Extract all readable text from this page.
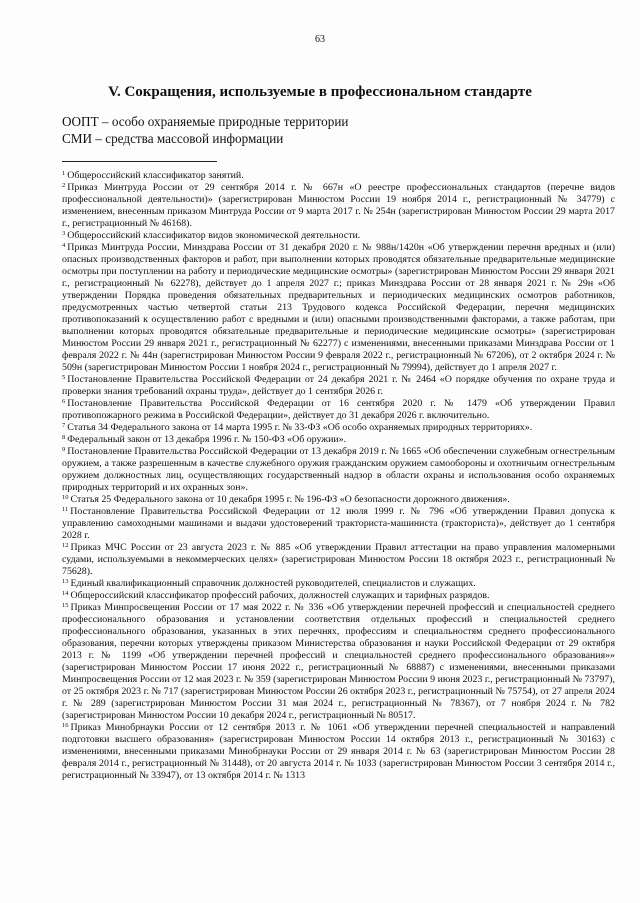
63
V. Сокращения, используемые в профессиональном стандарте
ООПТ – особо охраняемые природные территории
СМИ – средства массовой информации

$^1$ Общероссийский классификатор занятий.

$^2$ Приказ Минтруда России от 29 сентября 2014 г. № 667н «О реестре профессиональных стандартов (перечне видов профессиональной деятельности)» (зарегистрирован Минюстом России 19 ноября 2014 г., регистрационный № 34779) с изменением, внесенным приказом Минтруда России от 9 марта 2017 г. № 254н (зарегистрирован Минюстом России 29 марта 2017 г., регистрационный № 46168).

$^3$ Общероссийский классификатор видов экономической деятельности.

$^4$ Приказ Минтруда России, Минздрава России от 31 декабря 2020 г. № 988н/1420н «Об утверждении перечня вредных и (или) опасных производственных факторов и работ, при выполнении которых проводятся обязательные предварительные медицинские осмотры при поступлении на работу и периодические медицинские осмотры» (зарегистрирован Минюстом России 29 января 2021 г., регистрационный № 62278), действует до 1 апреля 2027 г.; приказ Минздрава России от 28 января 2021 г. № 29н «Об утверждении Порядка проведения обязательных предварительных и периодических медицинских осмотров работников, предусмотренных частью четвертой статьи 213 Трудового кодекса Российской Федерации, перечня медицинских противопоказаний к осуществлению работ с вредными и (или) опасными производственными факторами, а также работам, при выполнении которых проводятся обязательные предварительные и периодические медицинские осмотры» (зарегистрирован Минюстом России 29 января 2021 г., регистрационный № 62277) с изменениями, внесенными приказами Минздрава России от 1 февраля 2022 г. № 44н (зарегистрирован Минюстом России 9 февраля 2022 г., регистрационный № 67206), от 2 октября 2024 г. № 509н (зарегистрирован Минюстом России 1 ноября 2024 г., регистрационный № 79994), действует до 1 апреля 2027 г.

$^5$ Постановление Правительства Российской Федерации от 24 декабря 2021 г. № 2464 «О порядке обучения по охране труда и проверки знания требований охраны труда», действует до 1 сентября 2026 г.

$^6$ Постановление Правительства Российской Федерации от 16 сентября 2020 г. № 1479 «Об утверждении Правил противопожарного режима в Российской Федерации», действует до 31 декабря 2026 г. включительно.

$^7$ Статья 34 Федерального закона от 14 марта 1995 г. № 33-ФЗ «Об особо охраняемых природных территориях».

$^8$ Федеральный закон от 13 декабря 1996 г. № 150-ФЗ «Об оружии».

$^9$ Постановление Правительства Российской Федерации от 13 декабря 2019 г. № 1665 «Об обеспечении служебным огнестрельным оружием, а также разрешенным в качестве служебного оружия гражданским оружием самообороны и охотничьим огнестрельным оружием должностных лиц, осуществляющих государственный надзор в области охраны и использования особо охраняемых природных территорий и их охранных зон».

$^{10}$ Статья 25 Федерального закона от 10 декабря 1995 г. № 196-ФЗ «О безопасности дорожного движения».

$^{11}$ Постановление Правительства Российской Федерации от 12 июля 1999 г. № 796 «Об утверждении Правил допуска к управлению самоходными машинами и выдачи удостоверений тракториста-машиниста (тракториста)», действует до 1 сентября 2028 г.

$^{12}$ Приказ МЧС России от 23 августа 2023 г. № 885 «Об утверждении Правил аттестации на право управления маломерными судами, используемыми в некоммерческих целях» (зарегистрирован Минюстом России 18 октября 2023 г., регистрационный № 75628).

$^{13}$ Единый квалификационный справочник должностей руководителей, специалистов и служащих.

$^{14}$ Общероссийский классификатор профессий рабочих, должностей служащих и тарифных разрядов.

$^{15}$ Приказ Минпросвещения России от 17 мая 2022 г. № 336 «Об утверждении перечней профессий и специальностей среднего профессионального образования и установлении соответствия отдельных профессий и специальностей среднего профессионального образования, указанных в этих перечнях, профессиям и специальностям среднего профессионального образования, перечни которых утверждены приказом Министерства образования и науки Российской Федерации от 29 октября 2013 г. № 1199 «Об утверждении перечней профессий и специальностей среднего профессионального образования»» (зарегистрирован Минюстом России 17 июня 2022 г., регистрационный № 68887) с изменениями, внесенными приказами Минпросвещения России от 12 мая 2023 г. № 359 (зарегистрирован Минюстом России 9 июня 2023 г., регистрационный № 73797), от 25 октября 2023 г. № 717 (зарегистрирован Минюстом России 26 октября 2023 г., регистрационный № 75754), от 27 апреля 2024 г. № 289 (зарегистрирован Минюстом России 31 мая 2024 г., регистрационный № 78367), от 7 ноября 2024 г. № 782 (зарегистрирован Минюстом России 10 декабря 2024 г., регистрационный № 80517.

$^{16}$ Приказ Минобрнауки России от 12 сентября 2013 г. № 1061 «Об утверждении перечней специальностей и направлений подготовки высшего образования» (зарегистрирован Минюстом России 14 октября 2013 г., регистрационный № 30163) с изменениями, внесенными приказами Минобрнауки России от 29 января 2014 г. № 63 (зарегистрирован Минюстом России 28 февраля 2014 г., регистрационный № 31448), от 20 августа 2014 г. № 1033 (зарегистрирован Минюстом России 3 сентября 2014 г., регистрационный № 33947), от 13 октября 2014 г. № 1313
